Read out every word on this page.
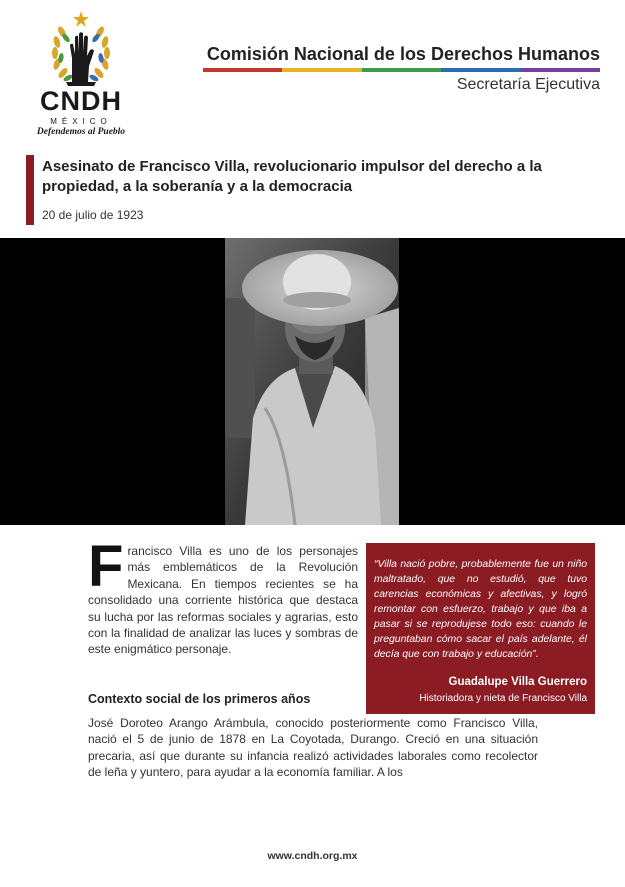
CNDH
MÉXICO
Defendemos al Pueblo
Comisión Nacional de los Derechos Humanos
Secretaría Ejecutiva
Asesinato de Francisco Villa, revolucionario impulsor del derecho a la propiedad, a la soberanía y a la democracia
20 de julio de 1923

Francisco Villa es uno de los personajes más emblemáticos de la Revolución Mexicana. En tiempos recientes se ha consolidado una corriente histórica que destaca su lucha por las reformas sociales y agrarias, esto con la finalidad de analizar las luces y sombras de este enigmático personaje.

“Villa nació pobre, probablemente fue un niño maltratado, que no estudió, que tuvo carencias económicas y afectivas, y logró remontar con esfuerzo, trabajo y que iba a pasar si se reprodujese todo eso: cuando le preguntaban cómo sacar el país adelante, él decía que con trabajo y educación”.

Guadalupe Villa Guerrero
Historiadora y nieta de Francisco Villa
Contexto social de los primeros años

José Doroteo Arango Arámbula, conocido posteriormente como Francisco Villa, nació el 5 de junio de 1878 en La Coyotada, Durango. Creció en una situación precaria, así que durante su infancia realizó actividades laborales como recolector de leña y yuntero, para ayudar a la economía familiar. A los

www.cndh.org.mx
